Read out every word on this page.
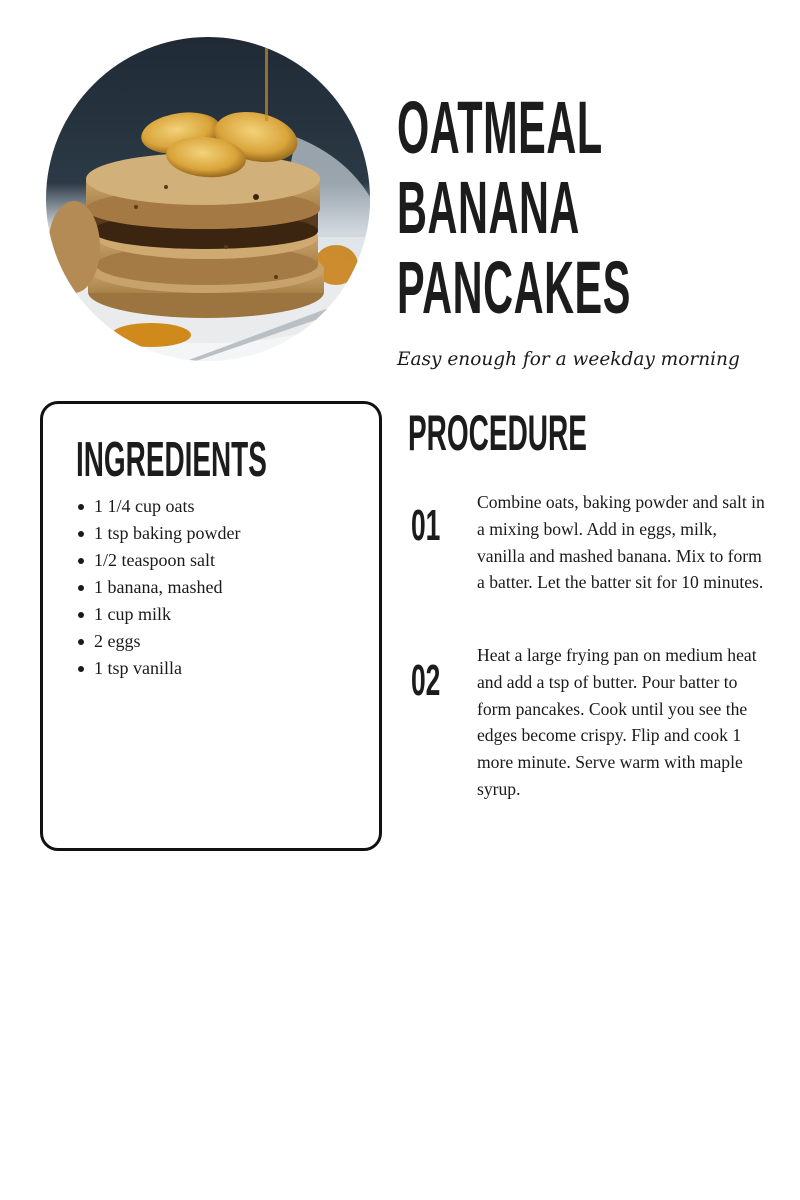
OATMEAL
BANANA
PANCAKES

Easy enough for a weekday morning

INGREDIENTS
1 1/4 cup oats
1 tsp baking powder
1/2 teaspoon salt
1 banana, mashed
1 cup milk
2 eggs
1 tsp vanilla
PROCEDURE
01 Combine oats, baking powder and salt in a mixing bowl. Add in eggs, milk, vanilla and mashed banana. Mix to form a batter. Let the batter sit for 10 minutes.

02

Heat a large frying pan on medium heat and add a tsp of butter. Pour batter to form pancakes. Cook until you see the edges become crispy. Flip and cook 1 more minute. Serve warm with maple syrup.
